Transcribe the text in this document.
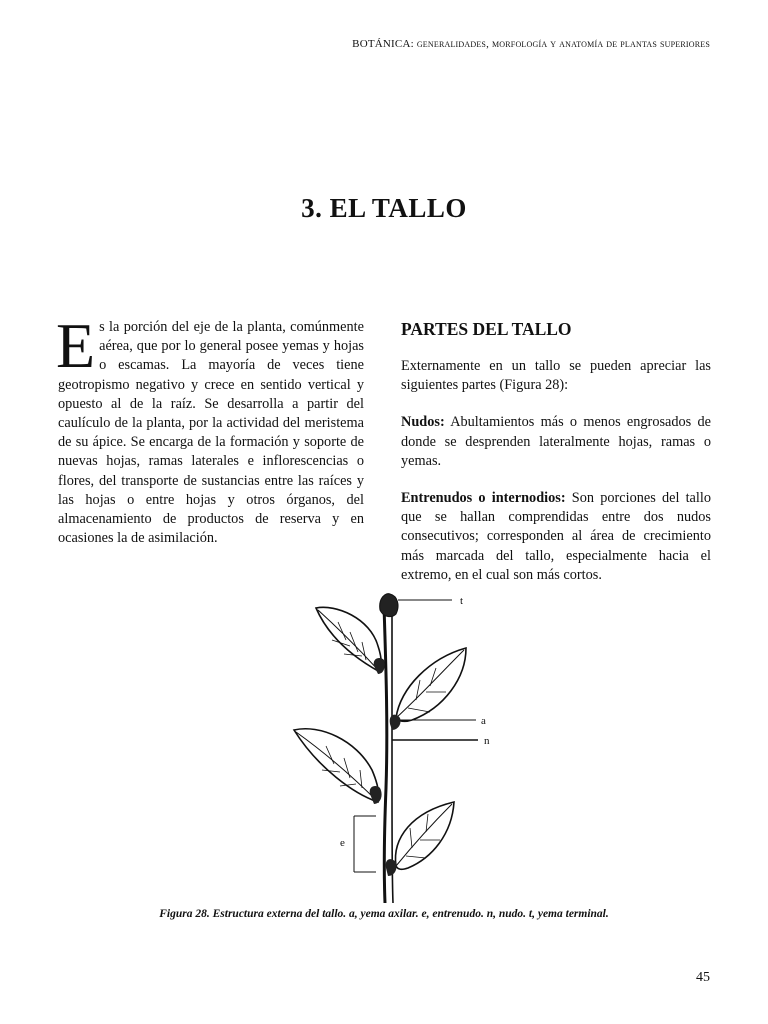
BOTÁNICA: generalidades, morfología y anatomía de plantas superiores
3. EL TALLO
E s la porción del eje de la planta, comúnmente aérea, que por lo general posee yemas y hojas o escamas. La mayoría de veces tiene geotropismo negativo y crece en sentido vertical y opuesto al de la raíz. Se desarrolla a partir del caulículo de la planta, por la actividad del meristema de su ápice. Se encarga de la formación y soporte de nuevas hojas, ramas laterales e inflorescencias o flores, del transporte de sustancias entre las raíces y las hojas o entre hojas y otros órganos, del almacenamiento de productos de reserva y en ocasiones la de asimilación.
PARTES DEL TALLO

Externamente en un tallo se pueden apreciar las siguientes partes (Figura 28):

Nudos: Abultamientos más o menos engrosados de donde se desprenden lateralmente hojas, ramas o yemas.

Entrenudos o internodios: Son porciones del tallo que se hallan comprendidas entre dos nudos consecutivos; corresponden al área de crecimiento más marcada del tallo, especialmente hacia el extremo, en el cual son más cortos.

t
a
n
e
Figura 28. Estructura externa del tallo. a, yema axilar. e, entrenudo. n, nudo. t, yema terminal.
45
